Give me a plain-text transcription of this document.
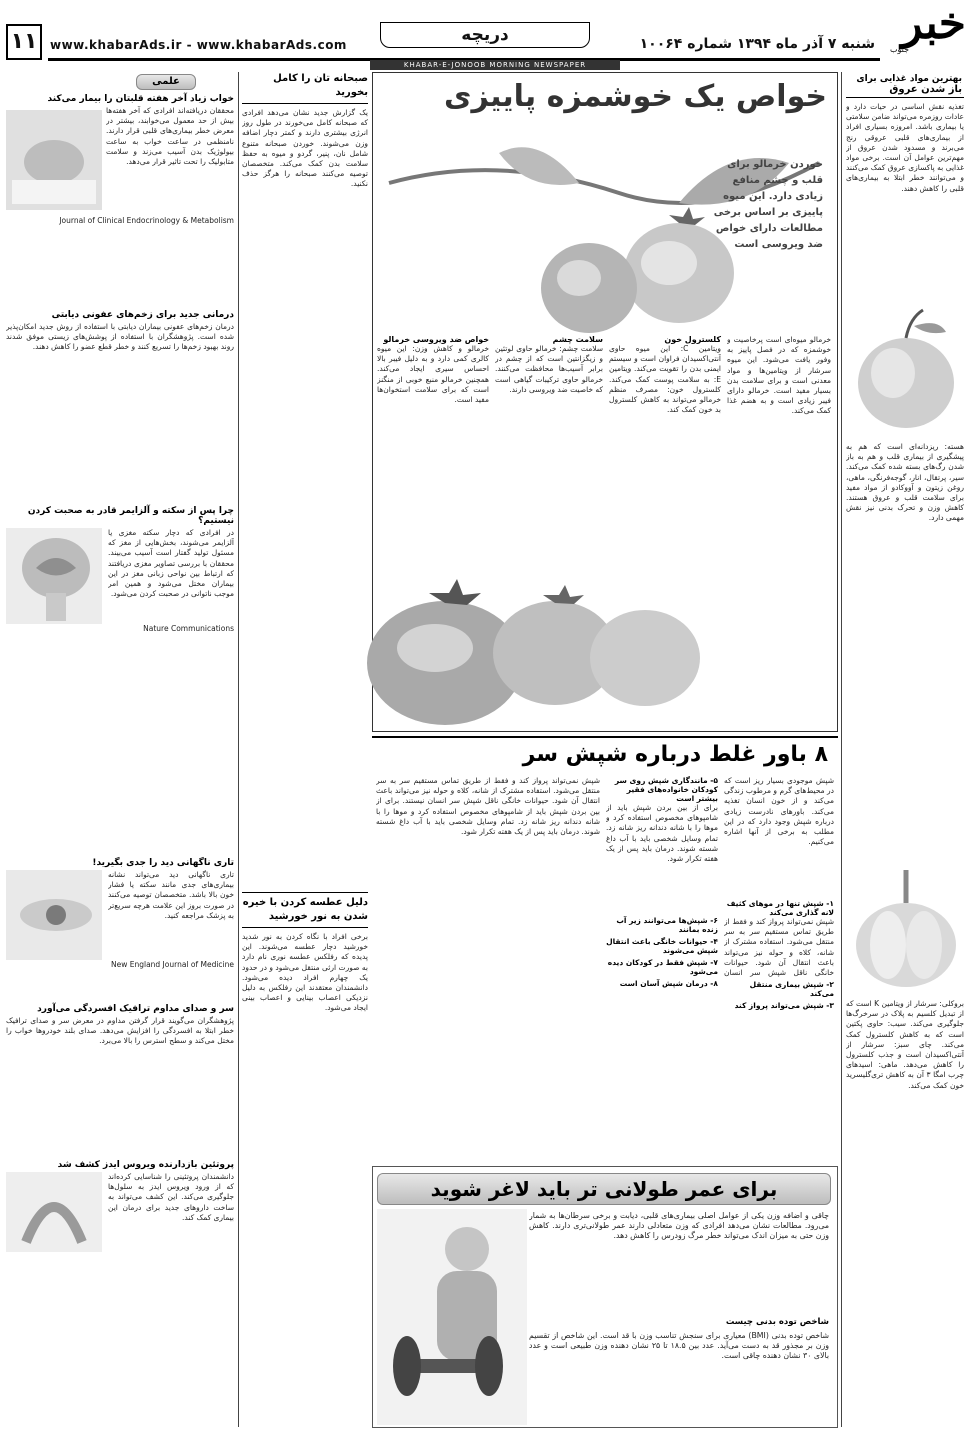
خبر
جنوب
شنبه ۷ آذر ماه ۱۳۹۴ شماره ۱۰۰۶۴
دریچه
www.khabarAds.ir - www.khabarAds.com
۱۱
KHABAR-E-JONOOB MORNING NEWSPAPER
بهترین مواد غذایی برای
باز شدن عروق
تغذیه نقش اساسی در حیات دارد و عادات روزمره می‌تواند ضامن سلامتی یا بیماری باشد. امروزه بسیاری افراد از بیماری‌های قلبی عروقی رنج می‌برند و مسدود شدن عروق از مهم‌ترین عوامل آن است. برخی مواد غذایی به پاکسازی عروق کمک می‌کنند و می‌توانند خطر ابتلا به بیماری‌های قلبی را کاهش دهند.
هسته: ریزدانه‌ای است که هم به پیشگیری از بیماری قلب و هم به باز شدن رگ‌های بسته شده کمک می‌کند. سیر، پرتقال، انار، گوجه‌فرنگی، ماهی، روغن زیتون و آووکادو از مواد مفید برای سلامت قلب و عروق هستند. کاهش وزن و تحرک بدنی نیز نقش مهمی دارد.
بروکلی: سرشار از ویتامین K است که از تبدیل کلسیم به پلاک در سرخرگ‌ها جلوگیری می‌کند. سیب: حاوی پکتین است که به کاهش کلسترول کمک می‌کند. چای سبز: سرشار از آنتی‌اکسیدان است و جذب کلسترول را کاهش می‌دهد. ماهی: اسیدهای چرب امگا ۳ آن به کاهش تری‌گلیسرید خون کمک می‌کند.
خواص یک خوشمزه پاییزی
خوردن خرمالو برای قلب و چشم منافع زیادی دارد. این میوه پاییزی بر اساس برخی مطالعات دارای خواص ضد ویروسی است
خرمالو میوه‌ای است پرخاصیت و خوشمزه که در فصل پاییز به وفور یافت می‌شود. این میوه سرشار از ویتامین‌ها و مواد معدنی است و برای سلامت بدن بسیار مفید است. خرمالو دارای فیبر زیادی است و به هضم غذا کمک می‌کند.
کلسترول خون
ویتامین C: این میوه حاوی آنتی‌اکسیدان فراوان است و سیستم ایمنی بدن را تقویت می‌کند. ویتامین E: به سلامت پوست کمک می‌کند. کلسترول خون: مصرف منظم خرمالو می‌تواند به کاهش کلسترول بد خون کمک کند.
سلامت چشم
سلامت چشم: خرمالو حاوی لوتئین و زیگزانتین است که از چشم در برابر آسیب‌ها محافظت می‌کنند. خرمالو حاوی ترکیبات گیاهی است که خاصیت ضد ویروسی دارند.
خواص ضد ویروسی خرمالو
خرمالو و کاهش وزن: این میوه کالری کمی دارد و به دلیل فیبر بالا احساس سیری ایجاد می‌کند. همچنین خرمالو منبع خوبی از منگنز است که برای سلامت استخوان‌ها مفید است.
صبحانه تان را کامل بخورید
یک گزارش جدید نشان می‌دهد افرادی که صبحانه کامل می‌خورند در طول روز انرژی بیشتری دارند و کمتر دچار اضافه وزن می‌شوند. خوردن صبحانه متنوع شامل نان، پنیر، گردو و میوه به حفظ سلامت بدن کمک می‌کند. متخصصان توصیه می‌کنند صبحانه را هرگز حذف نکنید.
دلیل عطسه کردن با خیره شدن به نور خورشید
برخی افراد با نگاه کردن به نور شدید خورشید دچار عطسه می‌شوند. این پدیده که رفلکس عطسه نوری نام دارد به صورت ارثی منتقل می‌شود و در حدود یک چهارم افراد دیده می‌شود. دانشمندان معتقدند این رفلکس به دلیل نزدیکی اعصاب بینایی و اعصاب بینی ایجاد می‌شود.
علمی
خواب زیاد آخر هفته قلبتان را بیمار می‌کند
محققان دریافته‌اند افرادی که آخر هفته‌ها بیش از حد معمول می‌خوابند، بیشتر در معرض خطر بیماری‌های قلبی قرار دارند. نامنظمی در ساعت خواب به ساعت بیولوژیک بدن آسیب می‌زند و سلامت متابولیک را تحت تاثیر قرار می‌دهد.
Journal of Clinical Endocrinology & Metabolism
درمانی جدید برای زخم‌های عفونی دیابتی
درمان زخم‌های عفونی بیماران دیابتی با استفاده از روش جدید امکان‌پذیر شده است. پژوهشگران با استفاده از پوشش‌های زیستی موفق شدند روند بهبود زخم‌ها را تسریع کنند و خطر قطع عضو را کاهش دهند.
چرا پس از سکته و آلزایمر قادر به صحبت کردن نیستیم؟
در افرادی که دچار سکته مغزی یا آلزایمر می‌شوند، بخش‌هایی از مغز که مسئول تولید گفتار است آسیب می‌بیند. محققان با بررسی تصاویر مغزی دریافتند که ارتباط بین نواحی زبانی مغز در این بیماران مختل می‌شود و همین امر موجب ناتوانی در صحبت کردن می‌شود.
Nature Communications
تاری ناگهانی دید را جدی بگیرید!
تاری ناگهانی دید می‌تواند نشانه بیماری‌های جدی مانند سکته یا فشار خون بالا باشد. متخصصان توصیه می‌کنند در صورت بروز این علامت هرچه سریع‌تر به پزشک مراجعه کنید.
New England Journal of Medicine
سر و صدای مداوم ترافیک افسردگی می‌آورد
پژوهشگران می‌گویند قرار گرفتن مداوم در معرض سر و صدای ترافیک خطر ابتلا به افسردگی را افزایش می‌دهد. صدای بلند خودروها خواب را مختل می‌کند و سطح استرس را بالا می‌برد.
پروتئین بازدارنده ویروس ایدز کشف شد
دانشمندان پروتئینی را شناسایی کرده‌اند که از ورود ویروس ایدز به سلول‌ها جلوگیری می‌کند. این کشف می‌تواند به ساخت داروهای جدید برای درمان این بیماری کمک کند.
۸ باور غلط درباره شپش سر
شپش موجودی بسیار ریز است که در محیط‌های گرم و مرطوب زندگی می‌کند و از خون انسان تغذیه می‌کند. باورهای نادرست زیادی درباره شپش وجود دارد که در این مطلب به برخی از آنها اشاره می‌کنیم.
۱- شپش تنها در موهای کثیف لانه گذاری می‌کند
شپش نمی‌تواند پرواز کند و فقط از طریق تماس مستقیم سر به سر منتقل می‌شود. استفاده مشترک از شانه، کلاه و حوله نیز می‌تواند باعث انتقال آن شود. حیوانات خانگی ناقل شپش سر انسان
۲- شپش بیماری منتقل می‌کند
۳- شپش می‌تواند پرواز کند
۵- مانندگاری شپش روی سر کودکان خانواده‌های فقیر بیشتر است
برای از بین بردن شپش باید از شامپوهای مخصوص استفاده کرد و موها را با شانه دندانه ریز شانه زد. تمام وسایل شخصی باید با آب داغ شسته شوند. درمان باید پس از یک هفته تکرار شود.
۶- شپش‌ها می‌توانند زیر آب زنده بمانند
۴- حیوانات خانگی باعث انتقال شپش می‌شوند
۷- شپش فقط در کودکان دیده می‌شود
۸- درمان شپش آسان است
شپش نمی‌تواند پرواز کند و فقط از طریق تماس مستقیم سر به سر منتقل می‌شود. استفاده مشترک از شانه، کلاه و حوله نیز می‌تواند باعث انتقال آن شود. حیوانات خانگی ناقل شپش سر انسان نیستند. برای از بین بردن شپش باید از شامپوهای مخصوص استفاده کرد و موها را با شانه دندانه ریز شانه زد. تمام وسایل شخصی باید با آب داغ شسته شوند. درمان باید پس از یک هفته تکرار شود.
برای عمر طولانی تر باید لاغر شوید
چاقی و اضافه وزن یکی از عوامل اصلی بیماری‌های قلبی، دیابت و برخی سرطان‌ها به شمار می‌رود. مطالعات نشان می‌دهد افرادی که وزن متعادلی دارند عمر طولانی‌تری دارند. کاهش وزن حتی به میزان اندک می‌تواند خطر مرگ زودرس را کاهش دهد.
شاخص توده بدنی چیست
شاخص توده بدنی (BMI) معیاری برای سنجش تناسب وزن با قد است. این شاخص از تقسیم وزن بر مجذور قد به دست می‌آید. عدد بین ۱۸.۵ تا ۲۵ نشان دهنده وزن طبیعی است و عدد بالای ۳۰ نشان دهنده چاقی است.
